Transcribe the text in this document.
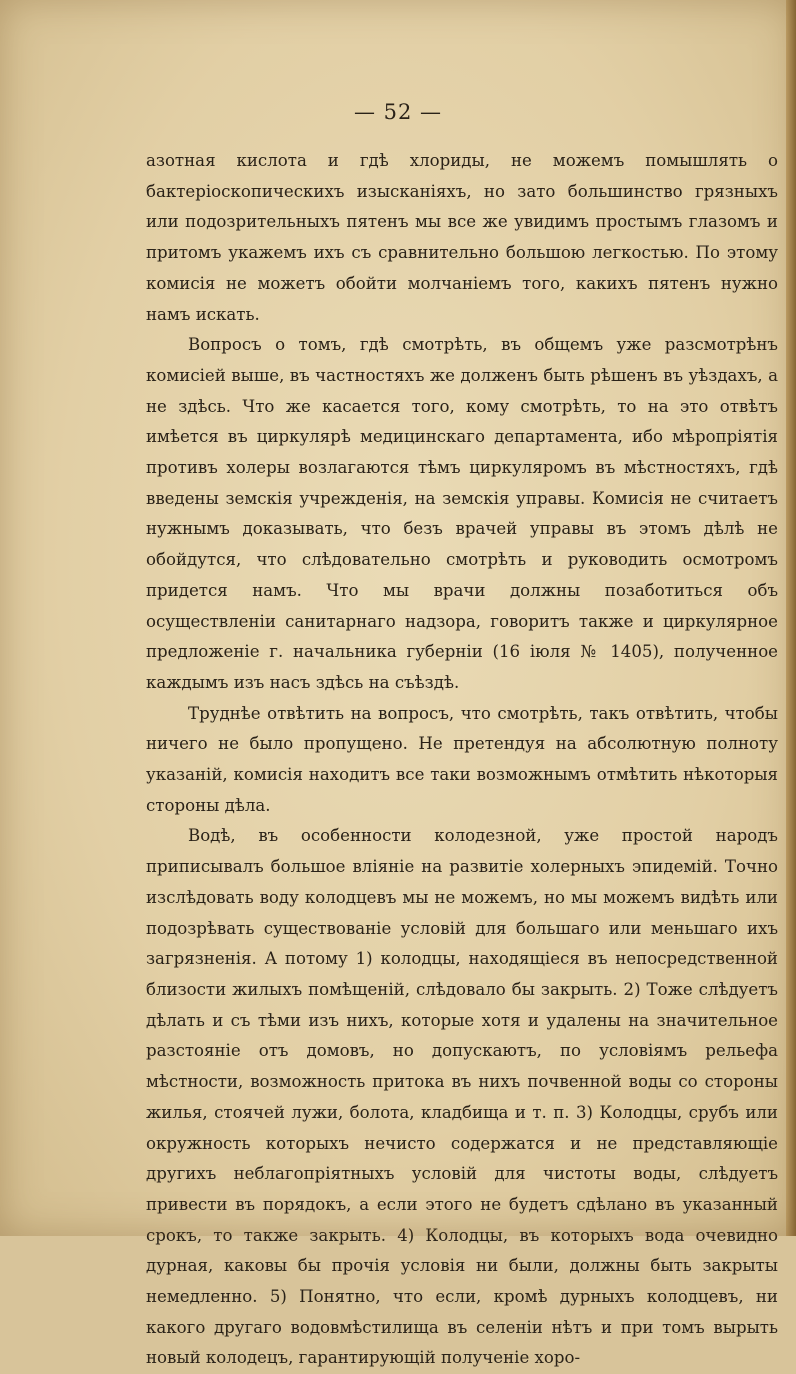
— 52 —

азотная кислота и гдѣ хлориды, не можемъ помышлять о бактеріоскопическихъ изысканіяхъ, но зато большинство грязныхъ или подозрительныхъ пятенъ мы все же увидимъ простымъ глазомъ и притомъ укажемъ ихъ съ сравнительно большою легкостью. По этому комисія не можетъ обойти молчаніемъ того, какихъ пятенъ нужно намъ искать.

Вопросъ о томъ, гдѣ смотрѣть, въ общемъ уже разсмотрѣнъ комисіей выше, въ частностяхъ же долженъ быть рѣшенъ въ уѣздахъ, а не здѣсь. Что же касается того, кому смотрѣть, то на это отвѣтъ имѣется въ циркулярѣ медицинскаго департамента, ибо мѣропріятія противъ холеры возлагаются тѣмъ циркуляромъ въ мѣстностяхъ, гдѣ введены земскія учрежденія, на земскія управы. Комисія не считаетъ нужнымъ доказывать, что безъ врачей управы въ этомъ дѣлѣ не обойдутся, что слѣдовательно смотрѣть и руководить осмотромъ придется намъ. Что мы врачи должны позаботиться объ осуществленіи санитарнаго надзора, говоритъ также и циркулярное предложеніе г. начальника губерніи (16 іюля № 1405), полученное каждымъ изъ насъ здѣсь на съѣздѣ.

Труднѣе отвѣтить на вопросъ, что смотрѣть, такъ отвѣтить, чтобы ничего не было пропущено. Не претендуя на абсолютную полноту указаній, комисія находитъ все таки возможнымъ отмѣтить нѣкоторыя стороны дѣла.

Водѣ, въ особенности колодезной, уже простой народъ приписывалъ большое вліяніе на развитіе холерныхъ эпидемій. Точно изслѣдовать воду колодцевъ мы не можемъ, но мы можемъ видѣть или подозрѣвать существованіе условій для большаго или меньшаго ихъ загрязненія. А потому 1) колодцы, находящіеся въ непосредственной близости жилыхъ помѣщеній, слѣдовало бы закрыть. 2) Тоже слѣдуетъ дѣлать и съ тѣми изъ нихъ, которые хотя и удалены на значительное разстояніе отъ домовъ, но допускаютъ, по условіямъ рельефа мѣстности, возможность притока въ нихъ почвенной воды со стороны жилья, стоячей лужи, болота, кладбища и т. п. 3) Колодцы, срубъ или окружность которыхъ нечисто содержатся и не представляющіе другихъ неблагопріятныхъ условій для чистоты воды, слѣдуетъ привести въ порядокъ, а если этого не будетъ сдѣлано въ указанный срокъ, то также закрыть. 4) Колодцы, въ которыхъ вода очевидно дурная, каковы бы прочія условія ни были, должны быть закрыты немедленно. 5) Понятно, что если, кромѣ дурныхъ колодцевъ, ни какого другаго водовмѣстилища въ селеніи нѣтъ и при томъ вырыть новый колодецъ, гарантирующій полученіе хоро-
